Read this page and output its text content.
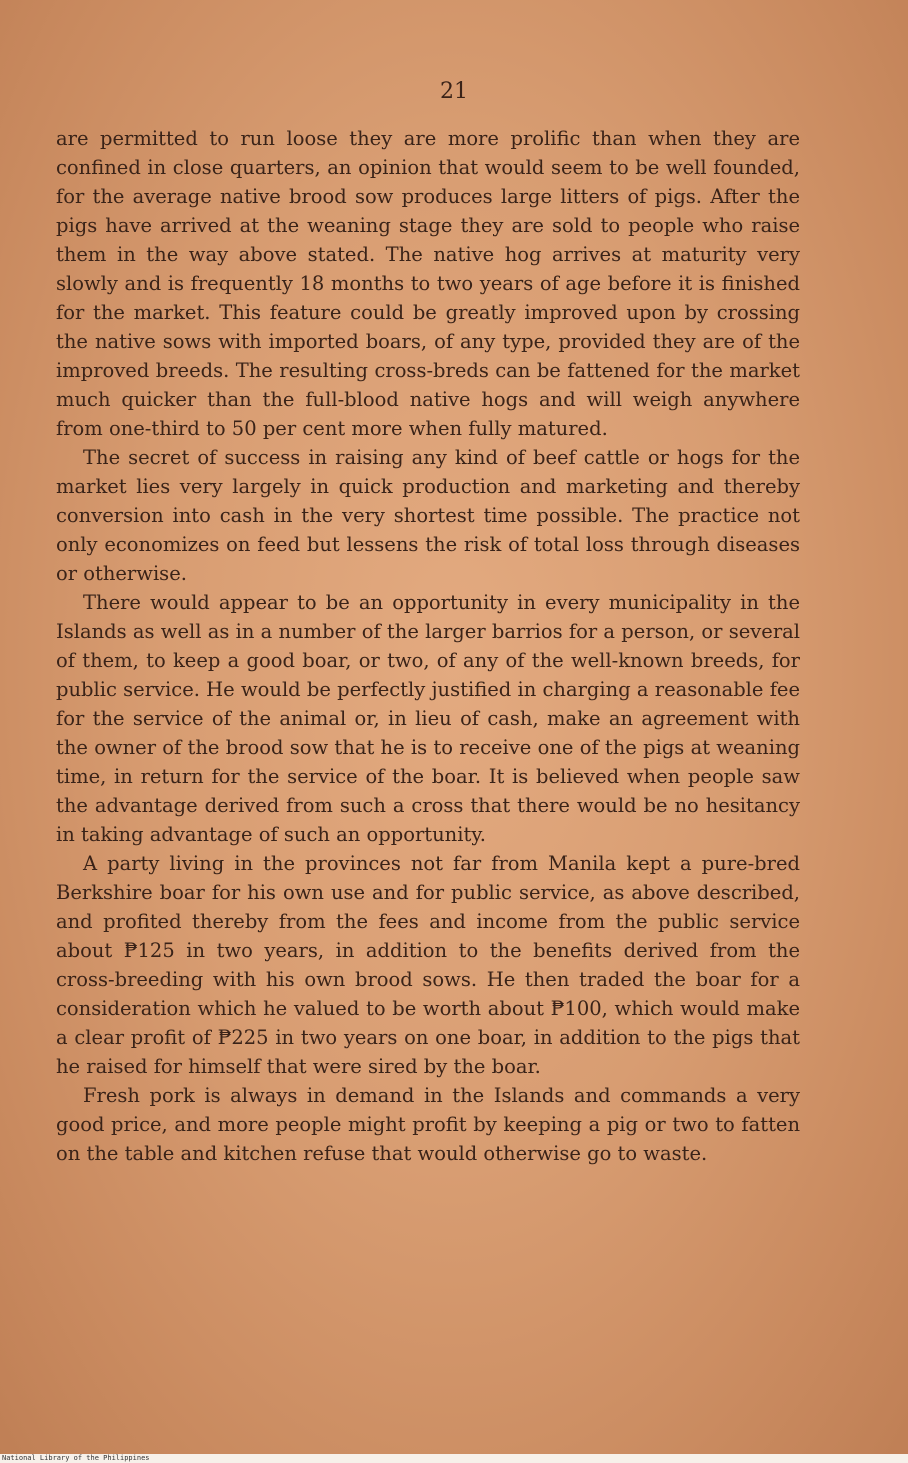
21

are permitted to run loose they are more prolific than when they are confined in close quarters, an opinion that would seem to be well founded, for the average native brood sow produces large litters of pigs. After the pigs have arrived at the weaning stage they are sold to people who raise them in the way above stated. The native hog arrives at maturity very slowly and is frequently 18 months to two years of age before it is finished for the market. This feature could be greatly improved upon by crossing the native sows with imported boars, of any type, provided they are of the improved breeds. The resulting cross-breds can be fattened for the market much quicker than the full-blood native hogs and will weigh anywhere from one-third to 50 per cent more when fully matured.

The secret of success in raising any kind of beef cattle or hogs for the market lies very largely in quick production and marketing and thereby conversion into cash in the very shortest time possible. The practice not only economizes on feed but lessens the risk of total loss through diseases or otherwise.

There would appear to be an opportunity in every municipality in the Islands as well as in a number of the larger barrios for a person, or several of them, to keep a good boar, or two, of any of the well-known breeds, for public service. He would be perfectly justified in charging a reasonable fee for the service of the animal or, in lieu of cash, make an agreement with the owner of the brood sow that he is to receive one of the pigs at weaning time, in return for the service of the boar. It is believed when people saw the advantage derived from such a cross that there would be no hesitancy in taking advantage of such an opportunity.

A party living in the provinces not far from Manila kept a pure-bred Berkshire boar for his own use and for public service, as above described, and profited thereby from the fees and income from the public service about ₱125 in two years, in addition to the benefits derived from the cross-breeding with his own brood sows. He then traded the boar for a consideration which he valued to be worth about ₱100, which would make a clear profit of ₱225 in two years on one boar, in addition to the pigs that he raised for himself that were sired by the boar.

Fresh pork is always in demand in the Islands and commands a very good price, and more people might profit by keeping a pig or two to fatten on the table and kitchen refuse that would otherwise go to waste.

National Library of the Philippines
